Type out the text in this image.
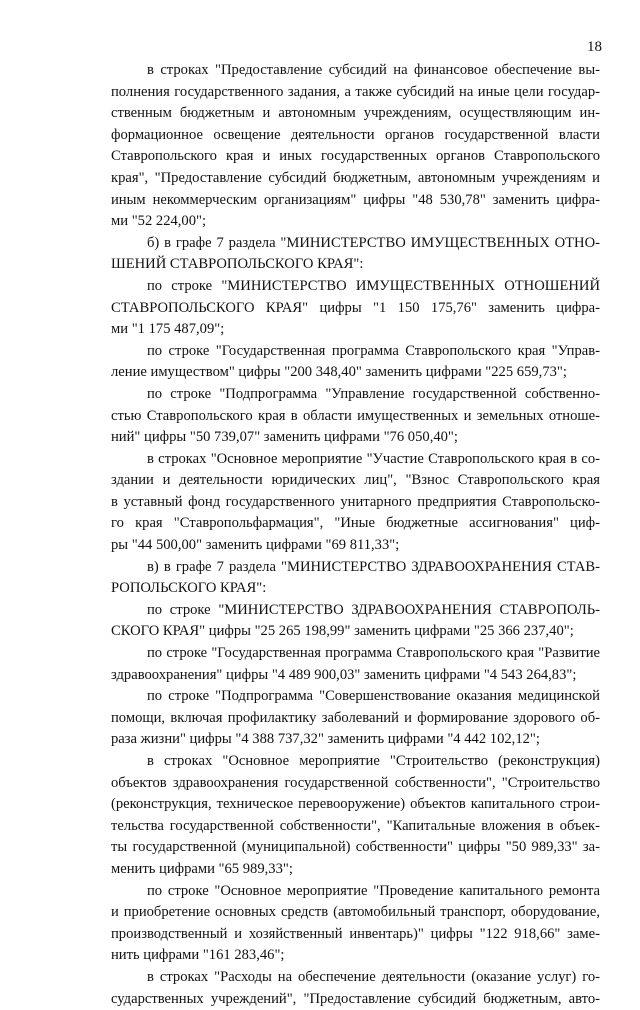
18
в строках "Предоставление субсидий на финансовое обеспечение вы-
полнения государственного задания, а также субсидий на иные цели государ-
ственным бюджетным и автономным учреждениям, осуществляющим ин-
формационное освещение деятельности органов государственной власти
Ставропольского края и иных государственных органов Ставропольского
края", "Предоставление субсидий бюджетным, автономным учреждениям и
иным некоммерческим организациям" цифры "48 530,78" заменить цифра-
ми "52 224,00";
б) в графе 7 раздела "МИНИСТЕРСТВО ИМУЩЕСТВЕННЫХ ОТНО-
ШЕНИЙ СТАВРОПОЛЬСКОГО КРАЯ":
по строке "МИНИСТЕРСТВО ИМУЩЕСТВЕННЫХ ОТНОШЕНИЙ
СТАВРОПОЛЬСКОГО КРАЯ" цифры "1 150 175,76" заменить цифра-
ми "1 175 487,09";
по строке "Государственная программа Ставропольского края "Управ-
ление имуществом" цифры "200 348,40" заменить цифрами "225 659,73";
по строке "Подпрограмма "Управление государственной собственно-
стью Ставропольского края в области имущественных и земельных отноше-
ний" цифры "50 739,07" заменить цифрами "76 050,40";
в строках "Основное мероприятие "Участие Ставропольского края в со-
здании и деятельности юридических лиц", "Взнос Ставропольского края
в уставный фонд государственного унитарного предприятия Ставропольско-
го края "Ставропольфармация", "Иные бюджетные ассигнования" циф-
ры "44 500,00" заменить цифрами "69 811,33";
в) в графе 7 раздела "МИНИСТЕРСТВО ЗДРАВООХРАНЕНИЯ СТАВ-
РОПОЛЬСКОГО КРАЯ":
по строке "МИНИСТЕРСТВО ЗДРАВООХРАНЕНИЯ СТАВРОПОЛЬ-
СКОГО КРАЯ" цифры "25 265 198,99" заменить цифрами "25 366 237,40";
по строке "Государственная программа Ставропольского края "Развитие
здравоохранения" цифры "4 489 900,03" заменить цифрами "4 543 264,83";
по строке "Подпрограмма "Совершенствование оказания медицинской
помощи, включая профилактику заболеваний и формирование здорового об-
раза жизни" цифры "4 388 737,32" заменить цифрами "4 442 102,12";
в строках "Основное мероприятие "Строительство (реконструкция)
объектов здравоохранения государственной собственности", "Строительство
(реконструкция, техническое перевооружение) объектов капитального строи-
тельства государственной собственности", "Капитальные вложения в объек-
ты государственной (муниципальной) собственности" цифры "50 989,33" за-
менить цифрами "65 989,33";
по строке "Основное мероприятие "Проведение капитального ремонта
и приобретение основных средств (автомобильный транспорт, оборудование,
производственный и хозяйственный инвентарь)" цифры "122 918,66" заме-
нить цифрами "161 283,46";
в строках "Расходы на обеспечение деятельности (оказание услуг) го-
сударственных учреждений", "Предоставление субсидий бюджетным, авто-
